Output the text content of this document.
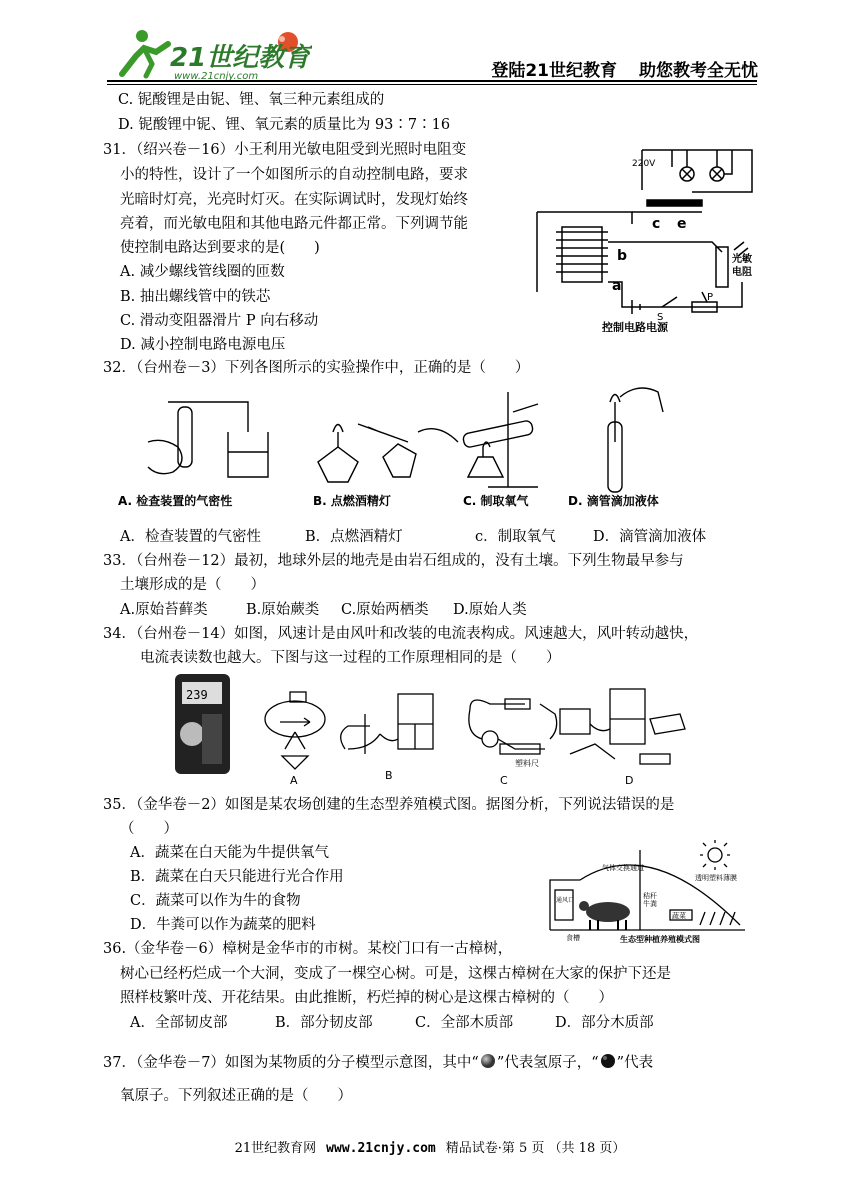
21世纪教育
www.21cnjy.com	登陆21世纪教育 助您教考全无忧
C. 铌酸锂是由铌、锂、氧三种元素组成的
D. 铌酸锂中铌、锂、氧元素的质量比为 93∶7∶16
31．（绍兴卷－16）小王利用光敏电阻受到光照时电阻变
小的特性，设计了一个如图所示的自动控制电路，要求
光暗时灯亮，光亮时灯灭。在实际调试时，发现灯始终
亮着，而光敏电阻和其他电路元件都正常。下列调节能
使控制电路达到要求的是(　　)
A. 减少螺线管线圈的匝数
B. 抽出螺线管中的铁芯
C. 滑动变阻器滑片 P 向右移动
D. 减小控制电路电源电压
220V
c e
b
a
S
P
光敏
电阻
控制电路电源
32．（台州卷－3）下列各图所示的实验操作中，正确的是（　　）
A. 检查装置的气密性	B. 点燃酒精灯	C. 制取氧气	D. 滴管滴加液体
A．检查装置的气密性	B．点燃酒精灯	c．制取氧气	D．滴管滴加液体
33．（台州卷－12）最初，地球外层的地壳是由岩石组成的，没有土壤。下列生物最早参与
土壤形成的是（　　）
A.原始苔藓类	B.原始蕨类 C.原始两栖类 D.原始人类
34．（台州卷－14）如图，风速计是由风叶和改装的电流表构成。风速越大，风叶转动越快，
电流表读数也越大。下图与这一过程的工作原理相同的是（　　）
239
A	B	C
塑料尺
D
35．（金华卷－2）如图是某农场创建的生态型养殖模式图。据图分析，下列说法错误的是
（　　）
A．蔬菜在白天能为牛提供氧气
B．蔬菜在白天只能进行光合作用
C．蔬菜可以作为牛的食物
D．牛粪可以作为蔬菜的肥料
气体交换通道
透明塑料薄膜
秸秆
牛粪
蔬菜
通风口
食槽	生态型种植养殖模式图
36.（金华卷－6）樟树是金华市的市树。某校门口有一古樟树，
树心已经朽烂成一个大洞，变成了一棵空心树。可是，这棵古樟树在大家的保护下还是
照样枝繁叶茂、开花结果。由此推断，朽烂掉的树心是这棵古樟树的（　　）
A．全部韧皮部	B．部分韧皮部	C．全部木质部	D．部分木质部
37．（金华卷－7）如图为某物质的分子模型示意图，其中“ ”代表氢原子，“ ”代表
氧原子。下列叙述正确的是（　　）
21世纪教育网 www.21cnjy.com 精品试卷·第 5 页 （共 18 页）
